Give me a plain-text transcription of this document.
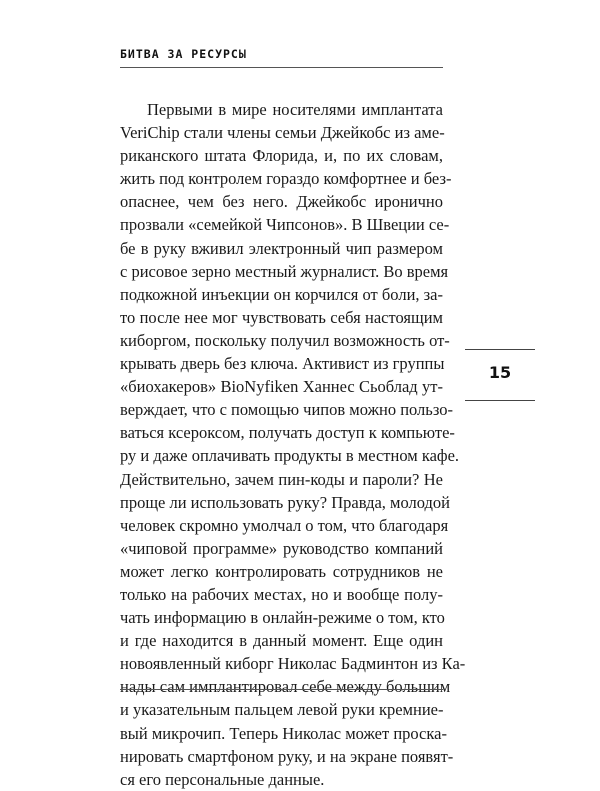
БИТВА ЗА РЕСУРСЫ
Первыми в мире носителями имплантата
VeriChip стали члены семьи Джейкобс из аме-
риканского штата Флорида, и, по их словам,
жить под контролем гораздо комфортнее и без-
опаснее, чем без него. Джейкобс иронично
прозвали «семейкой Чипсонов». В Швеции се-
бе в руку вживил электронный чип размером
с рисовое зерно местный журналист. Во время
подкожной инъекции он корчился от боли, за-
то после нее мог чувствовать себя настоящим
киборгом, поскольку получил возможность от-
крывать дверь без ключа. Активист из группы
«биохакеров» BioNyfiken Ханнес Сьоблад ут-
верждает, что с помощью чипов можно пользо-
ваться ксероксом, получать доступ к компьюте-
ру и даже оплачивать продукты в местном кафе.
Действительно, зачем пин-коды и пароли? Не
проще ли использовать руку? Правда, молодой
человек скромно умолчал о том, что благодаря
«чиповой программе» руководство компаний
может легко контролировать сотрудников не
только на рабочих местах, но и вообще полу-
чать информацию в онлайн-режиме о том, кто
и где находится в данный момент. Еще один
новоявленный киборг Николас Бадминтон из Ка-
нады сам имплантировал себе между большим
и указательным пальцем левой руки кремние-
вый микрочип. Теперь Николас может проска-
нировать смартфоном руку, и на экране появят-
ся его персональные данные.
15
